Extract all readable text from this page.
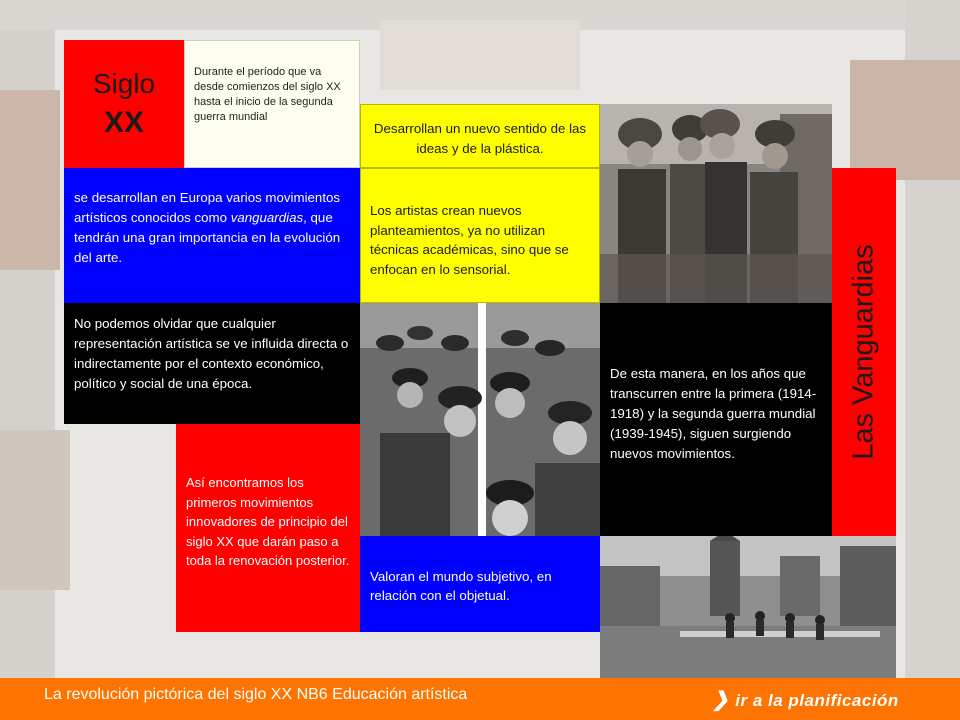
Siglo
XX
Durante el período que va desde comienzos del siglo XX hasta el inicio de la segunda guerra mundial
se desarrollan en Europa varios movimientos artísticos conocidos como vanguardias, que tendrán una gran importancia en la evolución del arte.
No podemos olvidar que cualquier representación artística se ve influida directa o indirectamente por el contexto económico, político y social de una época.
Así encontramos los primeros movimientos innovadores de principio del siglo XX que darán paso a toda la renovación posterior.
Desarrollan un nuevo sentido de las ideas y de la plástica.
Los artistas crean nuevos planteamientos, ya no utilizan técnicas académicas, sino que se enfocan en lo sensorial.
De esta manera, en los años que transcurren entre la primera (1914-1918) y la segunda guerra mundial (1939-1945), siguen surgiendo nuevos movimientos.	Las Vanguardias
Valoran el mundo subjetivo, en relación con el objetual.
La revolución pictórica del siglo XX NB6 Educación artística	❯ ir a la planificación
